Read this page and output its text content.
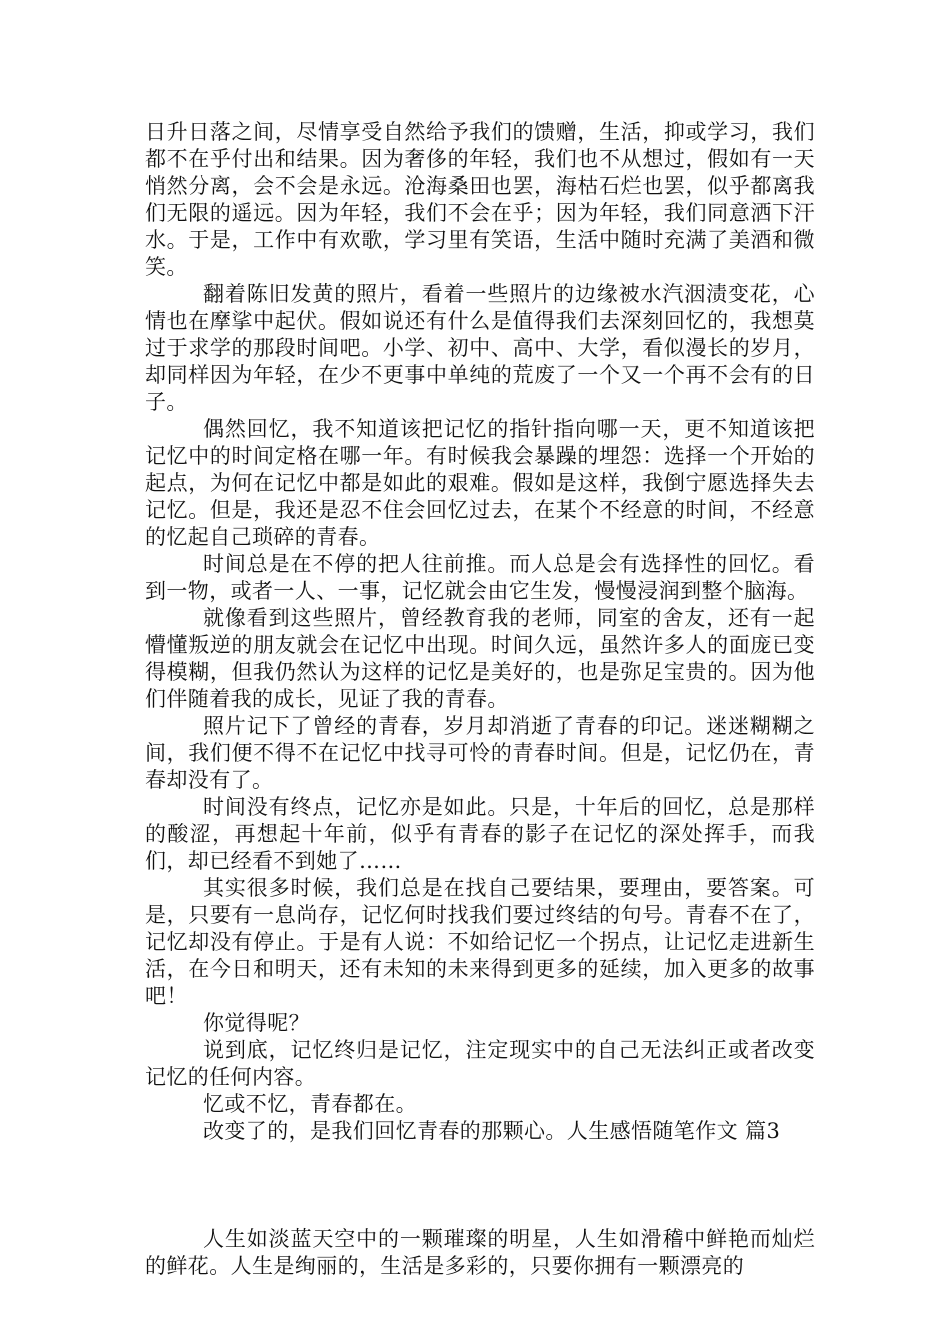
日升日落之间，尽情享受自然给予我们的馈赠，生活，抑或学习，我们都不在乎付出和结果。因为奢侈的年轻，我们也不从想过，假如有一天悄然分离，会不会是永远。沧海桑田也罢，海枯石烂也罢，似乎都离我们无限的遥远。因为年轻，我们不会在乎；因为年轻，我们同意洒下汗水。于是，工作中有欢歌，学习里有笑语，生活中随时充满了美酒和微笑。

翻着陈旧发黄的照片，看着一些照片的边缘被水汽洇渍变花，心情也在摩挲中起伏。假如说还有什么是值得我们去深刻回忆的，我想莫过于求学的那段时间吧。小学、初中、高中、大学，看似漫长的岁月，却同样因为年轻，在少不更事中单纯的荒废了一个又一个再不会有的日子。

偶然回忆，我不知道该把记忆的指针指向哪一天，更不知道该把记忆中的时间定格在哪一年。有时候我会暴躁的埋怨：选择一个开始的起点，为何在记忆中都是如此的艰难。假如是这样，我倒宁愿选择失去记忆。但是，我还是忍不住会回忆过去，在某个不经意的时间，不经意的忆起自己琐碎的青春。

时间总是在不停的把人往前推。而人总是会有选择性的回忆。看到一物，或者一人、一事，记忆就会由它生发，慢慢浸润到整个脑海。

就像看到这些照片，曾经教育我的老师，同室的舍友，还有一起懵懂叛逆的朋友就会在记忆中出现。时间久远，虽然许多人的面庞已变得模糊，但我仍然认为这样的记忆是美好的，也是弥足宝贵的。因为他们伴随着我的成长，见证了我的青春。

照片记下了曾经的青春，岁月却消逝了青春的印记。迷迷糊糊之间，我们便不得不在记忆中找寻可怜的青春时间。但是，记忆仍在，青春却没有了。

时间没有终点，记忆亦是如此。只是，十年后的回忆，总是那样的酸涩，再想起十年前，似乎有青春的影子在记忆的深处挥手，而我们，却已经看不到她了……

其实很多时候，我们总是在找自己要结果，要理由，要答案。可是，只要有一息尚存，记忆何时找我们要过终结的句号。青春不在了，记忆却没有停止。于是有人说：不如给记忆一个拐点，让记忆走进新生活，在今日和明天，还有未知的未来得到更多的延续，加入更多的故事吧！

你觉得呢？

说到底，记忆终归是记忆，注定现实中的自己无法纠正或者改变记忆的任何内容。

忆或不忆，青春都在。

改变了的，是我们回忆青春的那颗心。人生感悟随笔作文 篇3

人生如淡蓝天空中的一颗璀璨的明星，人生如滑稽中鲜艳而灿烂的鲜花。人生是绚丽的，生活是多彩的，只要你拥有一颗漂亮的
